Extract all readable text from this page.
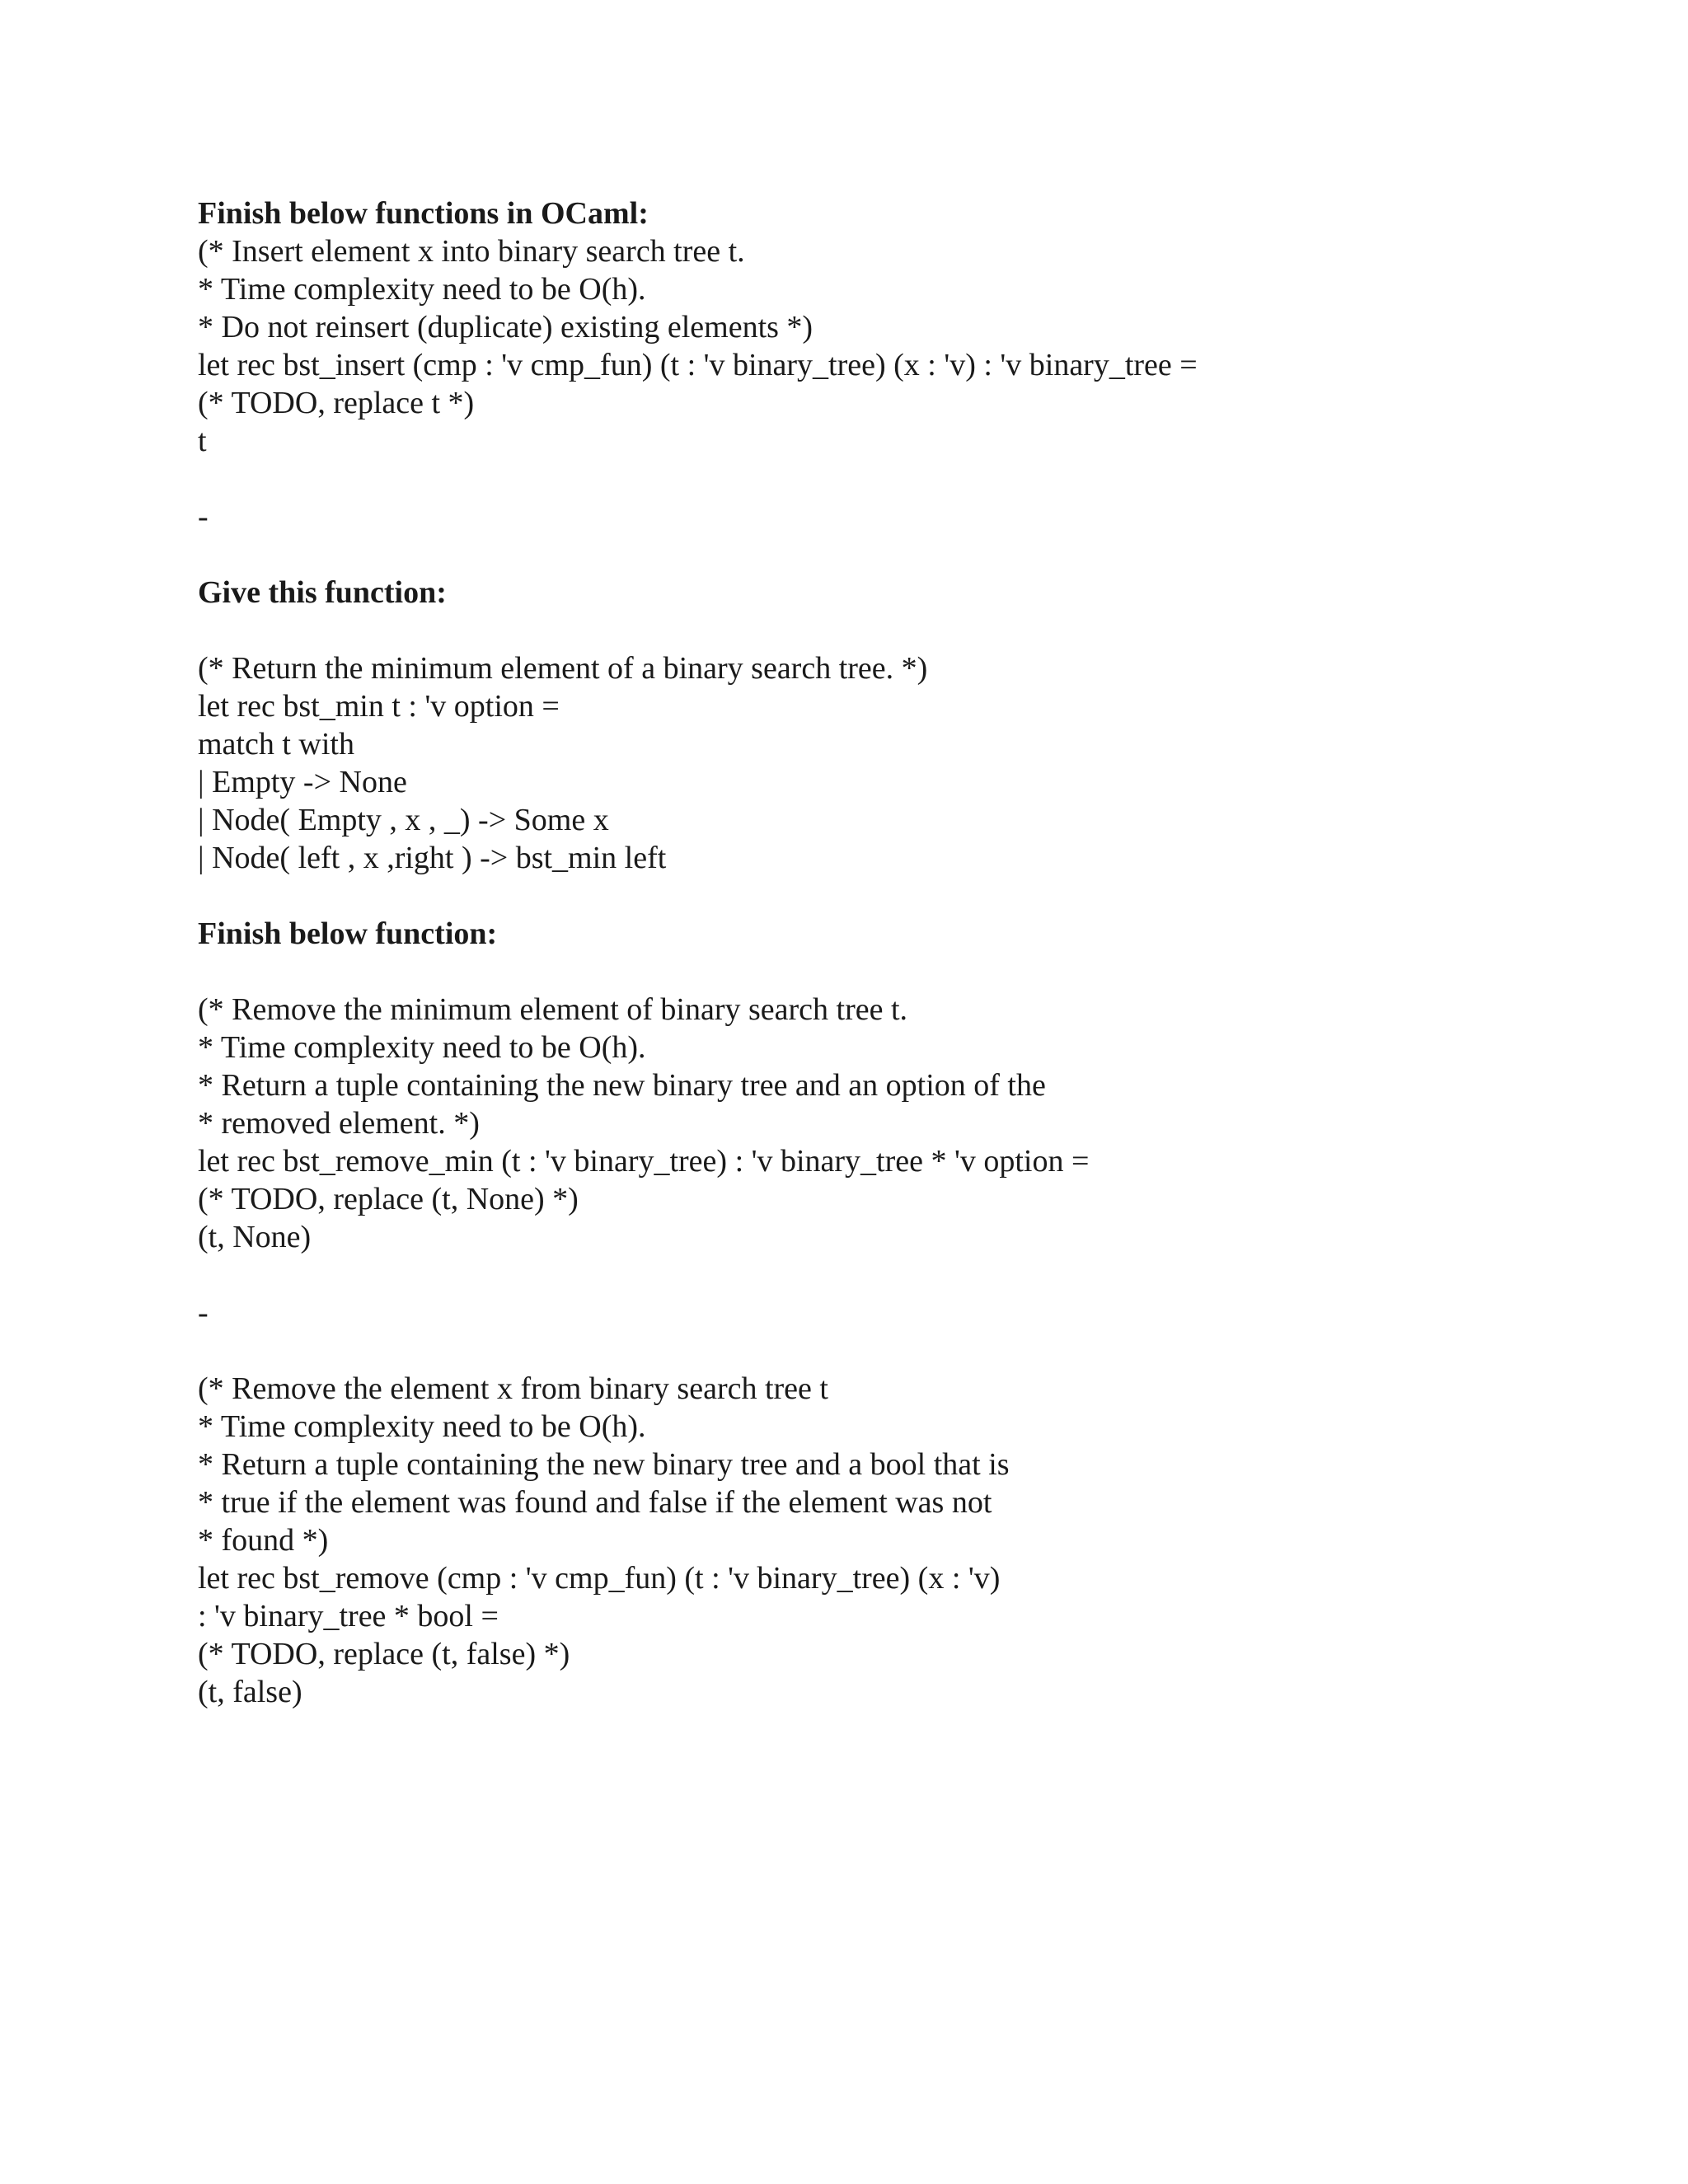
Finish below functions in OCaml:
(* Insert element x into binary search tree t.
* Time complexity need to be O(h).
* Do not reinsert (duplicate) existing elements *)
let rec bst_insert (cmp : 'v cmp_fun) (t : 'v binary_tree) (x : 'v) : 'v binary_tree =
(* TODO, replace t *)
t
-
Give this function:
(* Return the minimum element of a binary search tree. *)
let rec bst_min t : 'v option =
match t with
| Empty -> None
| Node( Empty , x , _) -> Some x
| Node( left , x ,right ) -> bst_min left
Finish below function:
(* Remove the minimum element of binary search tree t.
* Time complexity need to be O(h).
* Return a tuple containing the new binary tree and an option of the
* removed element. *)
let rec bst_remove_min (t : 'v binary_tree) : 'v binary_tree * 'v option =
(* TODO, replace (t, None) *)
(t, None)
-
(* Remove the element x from binary search tree t
* Time complexity need to be O(h).
* Return a tuple containing the new binary tree and a bool that is
* true if the element was found and false if the element was not
* found *)
let rec bst_remove (cmp : 'v cmp_fun) (t : 'v binary_tree) (x : 'v)
: 'v binary_tree * bool =
(* TODO, replace (t, false) *)
(t, false)
